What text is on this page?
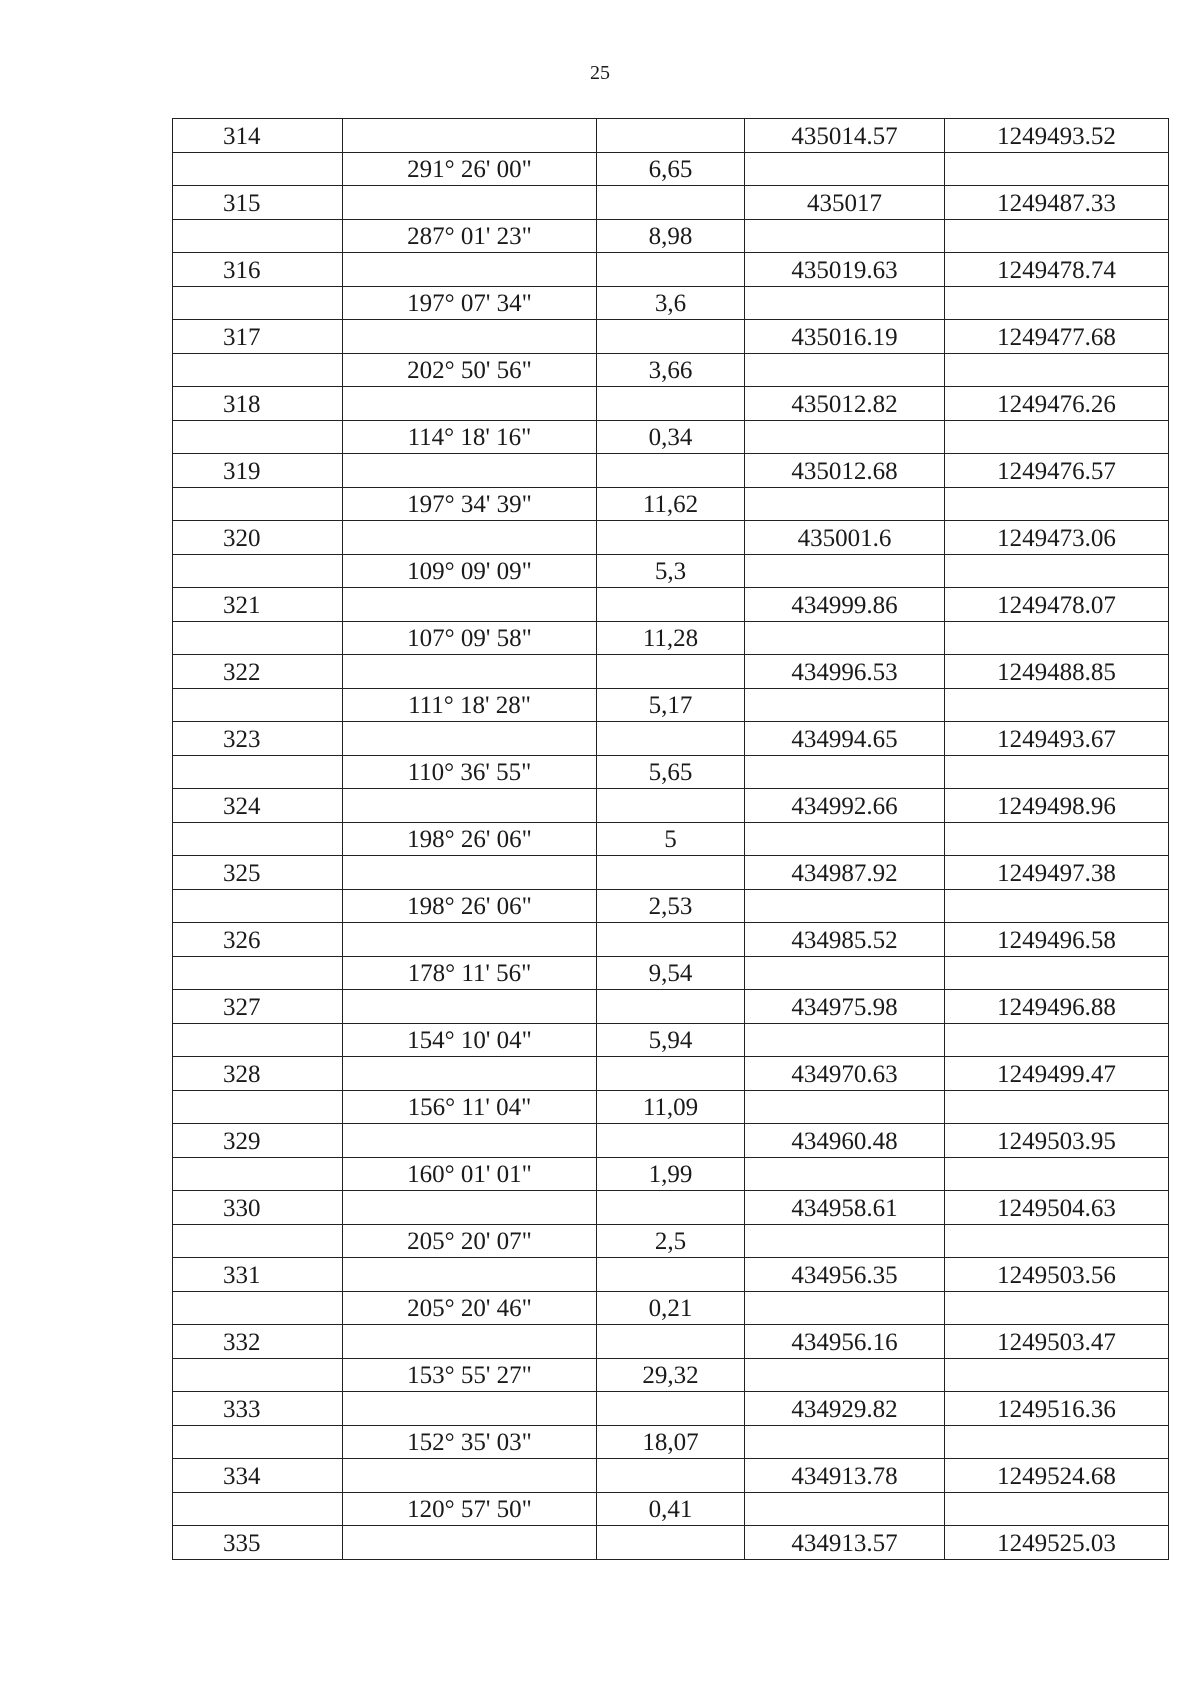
25
314			435014.57	1249493.52
	291° 26' 00"	6,65		
315			435017	1249487.33
	287° 01' 23"	8,98		
316			435019.63	1249478.74
	197° 07' 34"	3,6		
317			435016.19	1249477.68
	202° 50' 56"	3,66		
318			435012.82	1249476.26
	114° 18' 16"	0,34		
319			435012.68	1249476.57
	197° 34' 39"	11,62		
320			435001.6	1249473.06
	109° 09' 09"	5,3		
321			434999.86	1249478.07
	107° 09' 58"	11,28		
322			434996.53	1249488.85
	111° 18' 28"	5,17		
323			434994.65	1249493.67
	110° 36' 55"	5,65		
324			434992.66	1249498.96
	198° 26' 06"	5		
325			434987.92	1249497.38
	198° 26' 06"	2,53		
326			434985.52	1249496.58
	178° 11' 56"	9,54		
327			434975.98	1249496.88
	154° 10' 04"	5,94		
328			434970.63	1249499.47
	156° 11' 04"	11,09		
329			434960.48	1249503.95
	160° 01' 01"	1,99		
330			434958.61	1249504.63
	205° 20' 07"	2,5		
331			434956.35	1249503.56
	205° 20' 46"	0,21		
332			434956.16	1249503.47
	153° 55' 27"	29,32		
333			434929.82	1249516.36
	152° 35' 03"	18,07		
334			434913.78	1249524.68
	120° 57' 50"	0,41		
335			434913.57	1249525.03
